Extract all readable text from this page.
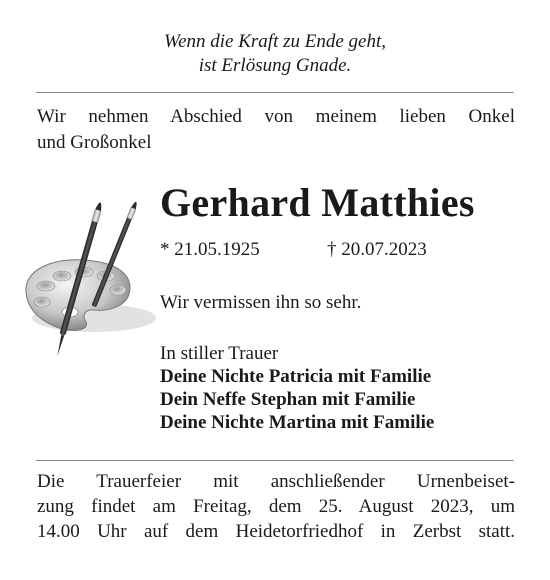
Wenn die Kraft zu Ende geht,
ist Erlösung Gnade.
Wir nehmen Abschied von meinem lieben Onkel
und Großonkel
Gerhard Matthies
* 21.05.1925	† 20.07.2023
Wir vermissen ihn so sehr.
In stiller Trauer
Deine Nichte Patricia mit Familie
Dein Neffe Stephan mit Familie
Deine Nichte Martina mit Familie
Die Trauerfeier mit anschließender Urnenbeiset-
zung findet am Freitag, dem 25. August 2023, um
14.00 Uhr auf dem Heidetorfriedhof in Zerbst statt.
